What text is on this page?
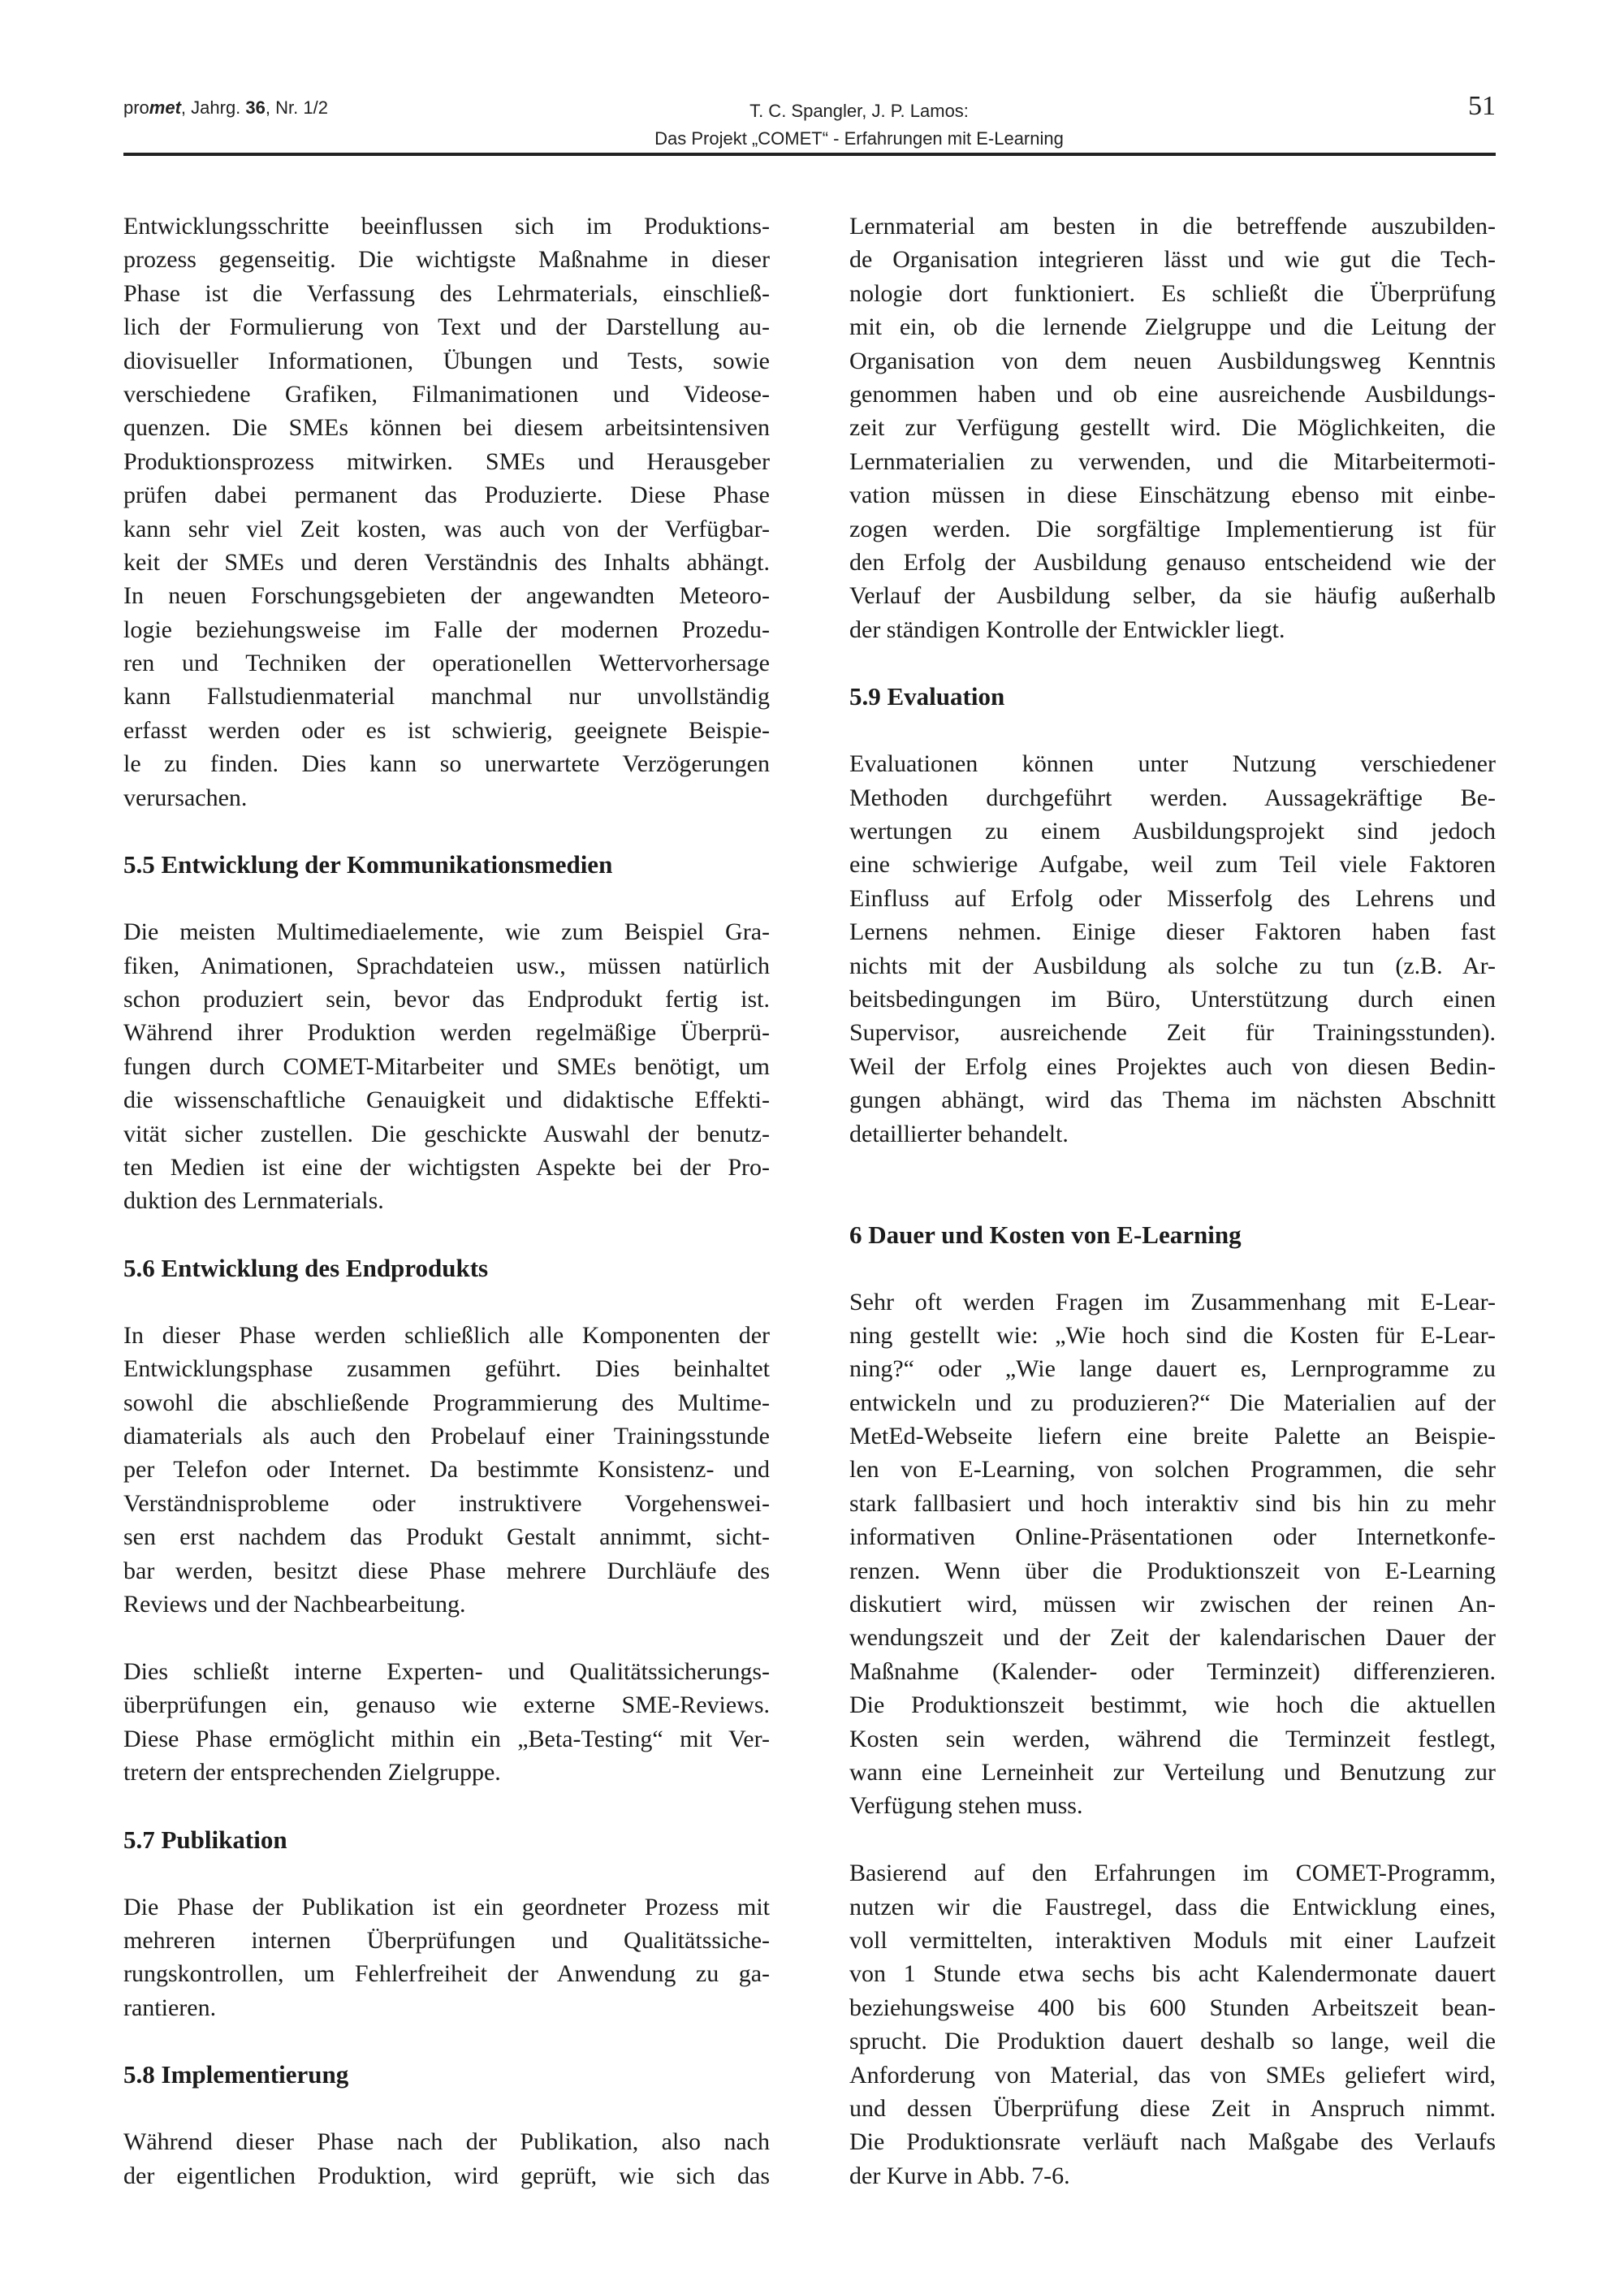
promet, Jahrg. 36, Nr. 1/2	T. C. Spangler, J. P. Lamos:
Das Projekt „COMET“ - Erfahrungen mit E-Learning
51
Entwicklungsschritte beeinflussen sich im Produktions-
prozess gegenseitig. Die wichtigste Maßnahme in dieser
Phase ist die Verfassung des Lehrmaterials, einschließ-
lich der Formulierung von Text und der Darstellung au-
diovisueller Informationen, Übungen und Tests, sowie
verschiedene Grafiken, Filmanimationen und Videose-
quenzen. Die SMEs können bei diesem arbeitsintensiven
Produktionsprozess mitwirken. SMEs und Herausgeber
prüfen dabei permanent das Produzierte. Diese Phase
kann sehr viel Zeit kosten, was auch von der Verfügbar-
keit der SMEs und deren Verständnis des Inhalts abhängt.
In neuen Forschungsgebieten der angewandten Meteoro-
logie beziehungsweise im Falle der modernen Prozedu-
ren und Techniken der operationellen Wettervorhersage
kann Fallstudienmaterial manchmal nur unvollständig
erfasst werden oder es ist schwierig, geeignete Beispie-
le zu finden. Dies kann so unerwartete Verzögerungen
verursachen.
5.5 Entwicklung der Kommunikationsmedien
Die meisten Multimediaelemente, wie zum Beispiel Gra-
fiken, Animationen, Sprachdateien usw., müssen natürlich
schon produziert sein, bevor das Endprodukt fertig ist.
Während ihrer Produktion werden regelmäßige Überprü-
fungen durch COMET-Mitarbeiter und SMEs benötigt, um
die wissenschaftliche Genauigkeit und didaktische Effekti-
vität sicher zustellen. Die geschickte Auswahl der benutz-
ten Medien ist eine der wichtigsten Aspekte bei der Pro-
duktion des Lernmaterials.
5.6 Entwicklung des Endprodukts
In dieser Phase werden schließlich alle Komponenten der
Entwicklungsphase zusammen geführt. Dies beinhaltet
sowohl die abschließende Programmierung des Multime-
diamaterials als auch den Probelauf einer Trainingsstunde
per Telefon oder Internet. Da bestimmte Konsistenz- und
Verständnisprobleme oder instruktivere Vorgehenswei-
sen erst nachdem das Produkt Gestalt annimmt, sicht-
bar werden, besitzt diese Phase mehrere Durchläufe des
Reviews und der Nachbearbeitung.
Dies schließt interne Experten- und Qualitätssicherungs-
überprüfungen ein, genauso wie externe SME-Reviews.
Diese Phase ermöglicht mithin ein „Beta-Testing“ mit Ver-
tretern der entsprechenden Zielgruppe.
5.7 Publikation
Die Phase der Publikation ist ein geordneter Prozess mit
mehreren internen Überprüfungen und Qualitätssiche-
rungskontrollen, um Fehlerfreiheit der Anwendung zu ga-
rantieren.
5.8 Implementierung
Während dieser Phase nach der Publikation, also nach
der eigentlichen Produktion, wird geprüft, wie sich das
Lernmaterial am besten in die betreffende auszubilden-
de Organisation integrieren lässt und wie gut die Tech-
nologie dort funktioniert. Es schließt die Überprüfung
mit ein, ob die lernende Zielgruppe und die Leitung der
Organisation von dem neuen Ausbildungsweg Kenntnis
genommen haben und ob eine ausreichende Ausbildungs-
zeit zur Verfügung gestellt wird. Die Möglichkeiten, die
Lernmaterialien zu verwenden, und die Mitarbeitermoti-
vation müssen in diese Einschätzung ebenso mit einbe-
zogen werden. Die sorgfältige Implementierung ist für
den Erfolg der Ausbildung genauso entscheidend wie der
Verlauf der Ausbildung selber, da sie häufig außerhalb
der ständigen Kontrolle der Entwickler liegt.
5.9 Evaluation
Evaluationen können unter Nutzung verschiedener
Methoden durchgeführt werden. Aussagekräftige Be-
wertungen zu einem Ausbildungsprojekt sind jedoch
eine schwierige Aufgabe, weil zum Teil viele Faktoren
Einfluss auf Erfolg oder Misserfolg des Lehrens und
Lernens nehmen. Einige dieser Faktoren haben fast
nichts mit der Ausbildung als solche zu tun (z.B. Ar-
beitsbedingungen im Büro, Unterstützung durch einen
Supervisor, ausreichende Zeit für Trainingsstunden).
Weil der Erfolg eines Projektes auch von diesen Bedin-
gungen abhängt, wird das Thema im nächsten Abschnitt
detaillierter behandelt.
6 Dauer und Kosten von E-Learning
Sehr oft werden Fragen im Zusammenhang mit E-Lear-
ning gestellt wie: „Wie hoch sind die Kosten für E-Lear-
ning?“ oder „Wie lange dauert es, Lernprogramme zu
entwickeln und zu produzieren?“ Die Materialien auf der
MetEd-Webseite liefern eine breite Palette an Beispie-
len von E-Learning, von solchen Programmen, die sehr
stark fallbasiert und hoch interaktiv sind bis hin zu mehr
informativen Online-Präsentationen oder Internetkonfe-
renzen. Wenn über die Produktionszeit von E-Learning
diskutiert wird, müssen wir zwischen der reinen An-
wendungszeit und der Zeit der kalendarischen Dauer der
Maßnahme (Kalender- oder Terminzeit) differenzieren.
Die Produktionszeit bestimmt, wie hoch die aktuellen
Kosten sein werden, während die Terminzeit festlegt,
wann eine Lerneinheit zur Verteilung und Benutzung zur
Verfügung stehen muss.
Basierend auf den Erfahrungen im COMET-Programm,
nutzen wir die Faustregel, dass die Entwicklung eines,
voll vermittelten, interaktiven Moduls mit einer Laufzeit
von 1 Stunde etwa sechs bis acht Kalendermonate dauert
beziehungsweise 400 bis 600 Stunden Arbeitszeit bean-
sprucht. Die Produktion dauert deshalb so lange, weil die
Anforderung von Material, das von SMEs geliefert wird,
und dessen Überprüfung diese Zeit in Anspruch nimmt.
Die Produktionsrate verläuft nach Maßgabe des Verlaufs
der Kurve in Abb. 7-6.
